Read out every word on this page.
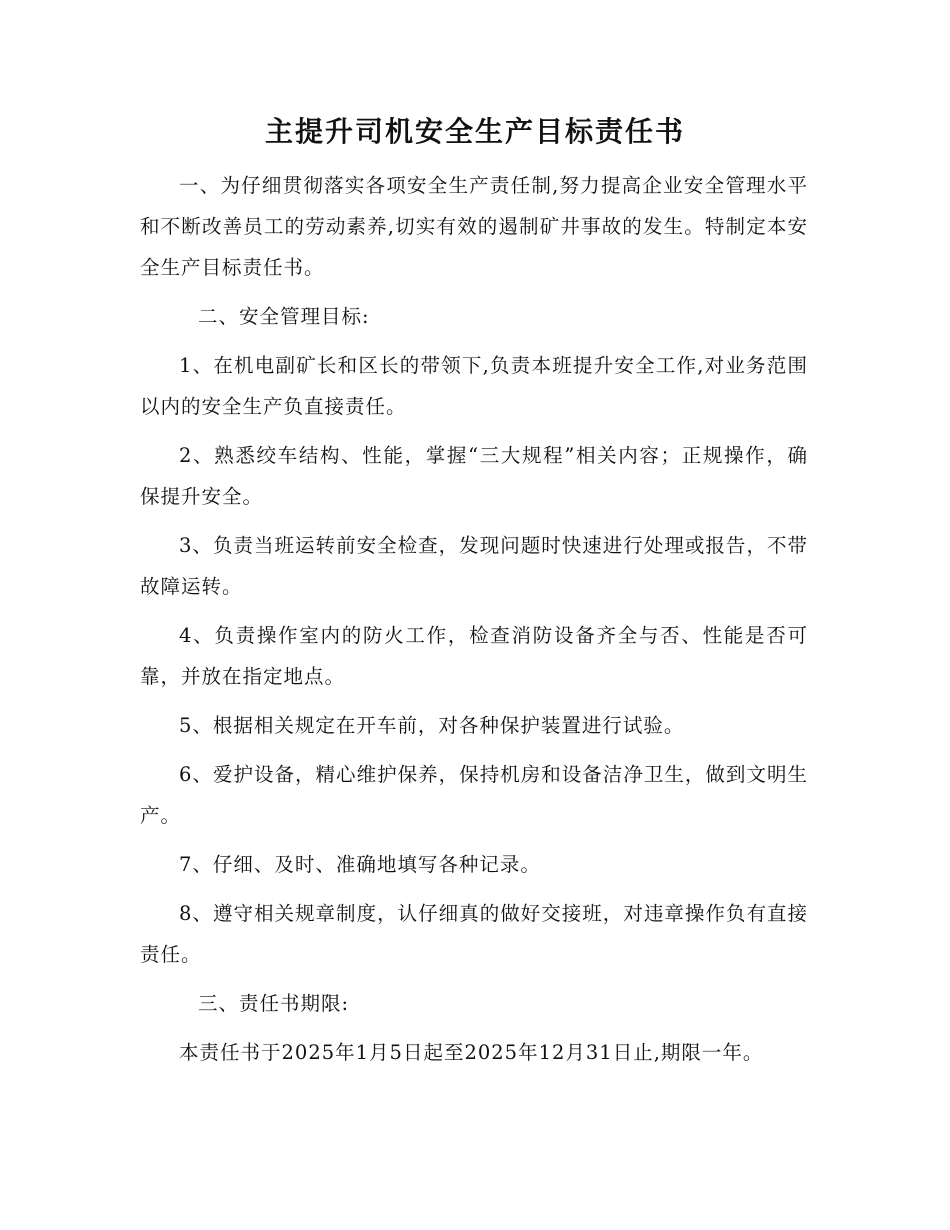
主提升司机安全生产目标责任书

一、为仔细贯彻落实各项安全生产责任制,努力提高企业安全管理水平和不断改善员工的劳动素养,切实有效的遏制矿井事故的发生。特制定本安全生产目标责任书。

二、安全管理目标:

1、在机电副矿长和区长的带领下,负责本班提升安全工作,对业务范围以内的安全生产负直接责任。

2、熟悉绞车结构、性能，掌握“三大规程”相关内容；正规操作，确保提升安全。

3、负责当班运转前安全检查，发现问题时快速进行处理或报告，不带故障运转。

4、负责操作室内的防火工作，检查消防设备齐全与否、性能是否可靠，并放在指定地点。

5、根据相关规定在开车前，对各种保护装置进行试验。

6、爱护设备，精心维护保养，保持机房和设备洁净卫生，做到文明生产。

7、仔细、及时、准确地填写各种记录。

8、遵守相关规章制度，认仔细真的做好交接班，对违章操作负有直接责任。

三、责任书期限:

本责任书于2025年1月5日起至2025年12月31日止,期限一年。
